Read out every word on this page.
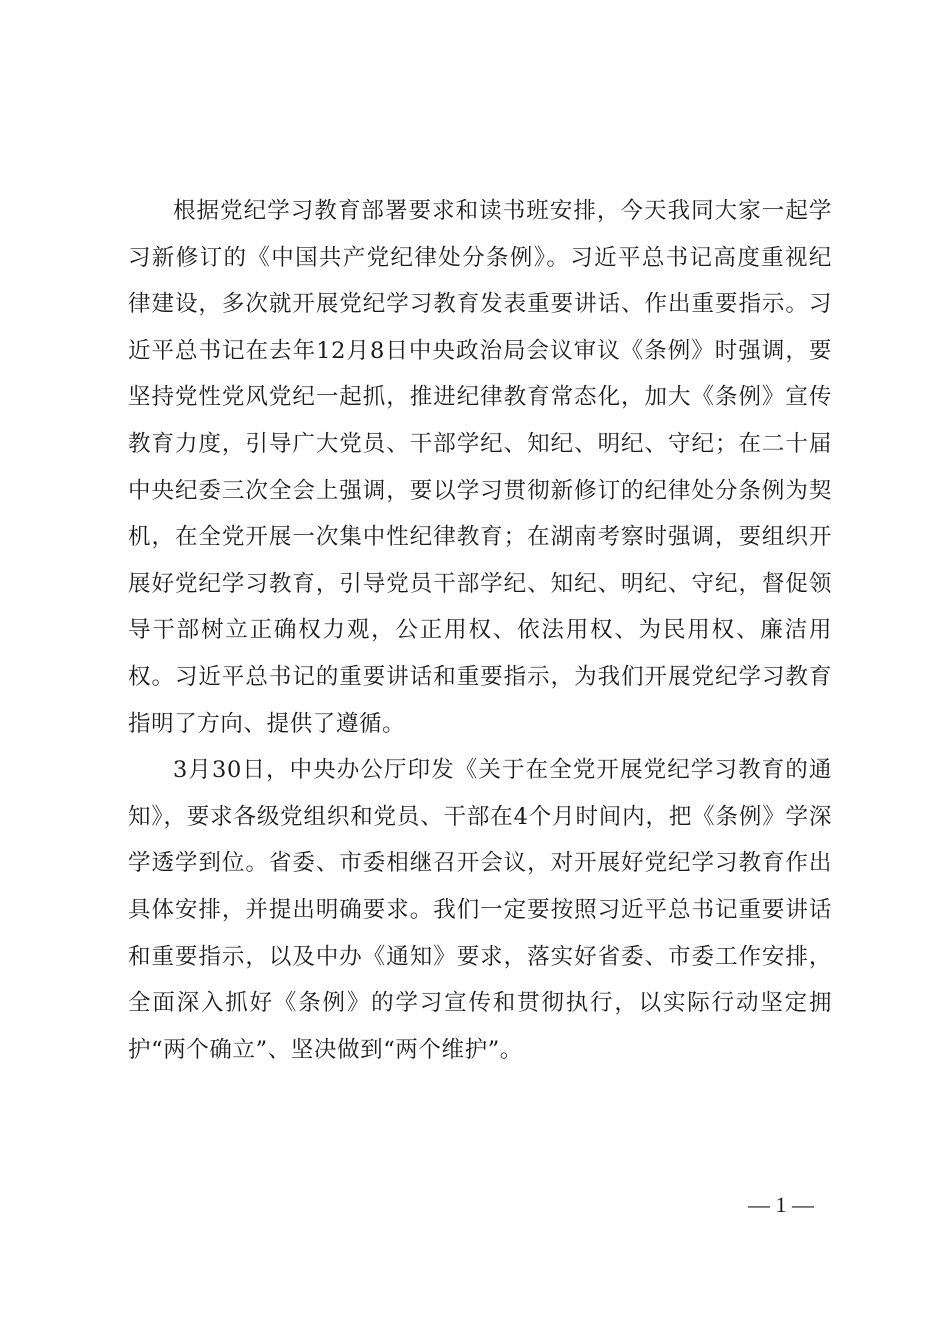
根据党纪学习教育部署要求和读书班安排，今天我同大家一起学习新修订的《中国共产党纪律处分条例》。习近平总书记高度重视纪律建设，多次就开展党纪学习教育发表重要讲话、作出重要指示。习近平总书记在去年12月8日中央政治局会议审议《条例》时强调，要坚持党性党风党纪一起抓，推进纪律教育常态化，加大《条例》宣传教育力度，引导广大党员、干部学纪、知纪、明纪、守纪；在二十届中央纪委三次全会上强调，要以学习贯彻新修订的纪律处分条例为契机，在全党开展一次集中性纪律教育；在湖南考察时强调，要组织开展好党纪学习教育，引导党员干部学纪、知纪、明纪、守纪，督促领导干部树立正确权力观，公正用权、依法用权、为民用权、廉洁用权。习近平总书记的重要讲话和重要指示，为我们开展党纪学习教育指明了方向、提供了遵循。

3月30日，中央办公厅印发《关于在全党开展党纪学习教育的通知》，要求各级党组织和党员、干部在4个月时间内，把《条例》学深学透学到位。省委、市委相继召开会议，对开展好党纪学习教育作出具体安排，并提出明确要求。我们一定要按照习近平总书记重要讲话和重要指示，以及中办《通知》要求，落实好省委、市委工作安排，全面深入抓好《条例》的学习宣传和贯彻执行，以实际行动坚定拥护“两个确立”、坚决做到“两个维护”。

— 1 —
